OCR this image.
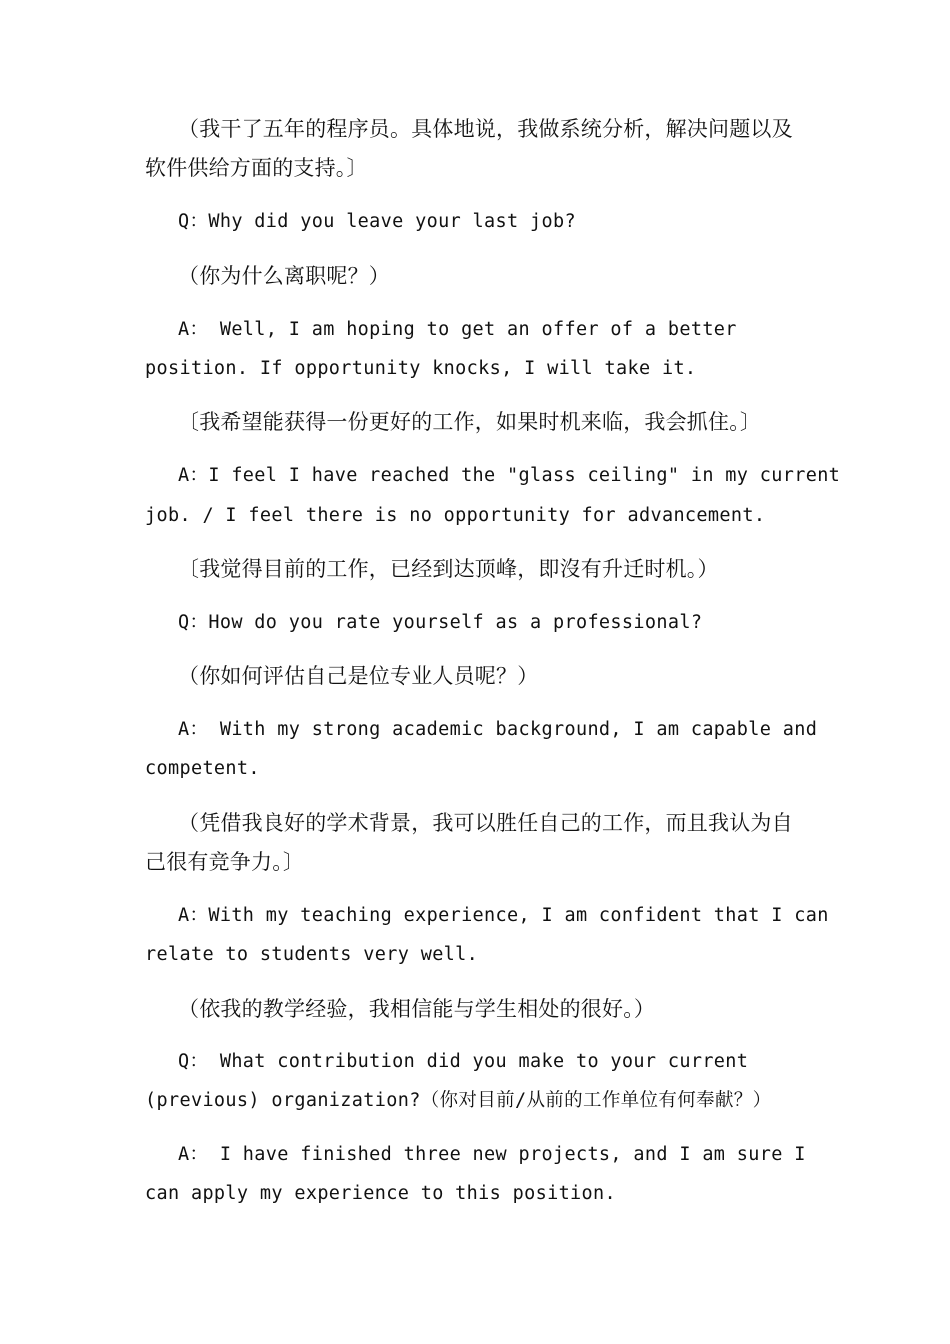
（我干了五年的程序员。具体地说，我做系统分析，解决问题以及
软件供给方面的支持。〕
Q：Why did you leave your last job?
（你为什么离职呢？）
A： Well, I am hoping to get an offer of a better
position. If opportunity knocks, I will take it.
〔我希望能获得一份更好的工作，如果时机来临，我会抓住。〕
A：I feel I have reached the "glass ceiling" in my current
job. / I feel there is no opportunity for advancement.
〔我觉得目前的工作，已经到达顶峰，即沒有升迁时机。）
Q：How do you rate yourself as a professional?
（你如何评估自己是位专业人员呢？）
A： With my strong academic background, I am capable and
competent.
（凭借我良好的学术背景，我可以胜任自己的工作，而且我认为自
己很有竞争力。〕
A：With my teaching experience, I am confident that I can
relate to students very well.
（依我的教学经验，我相信能与学生相处的很好。）
Q： What contribution did you make to your current
(previous) organization?（你对目前/从前的工作单位有何奉献？）
A： I have finished three new projects, and I am sure I
can apply my experience to this position.
